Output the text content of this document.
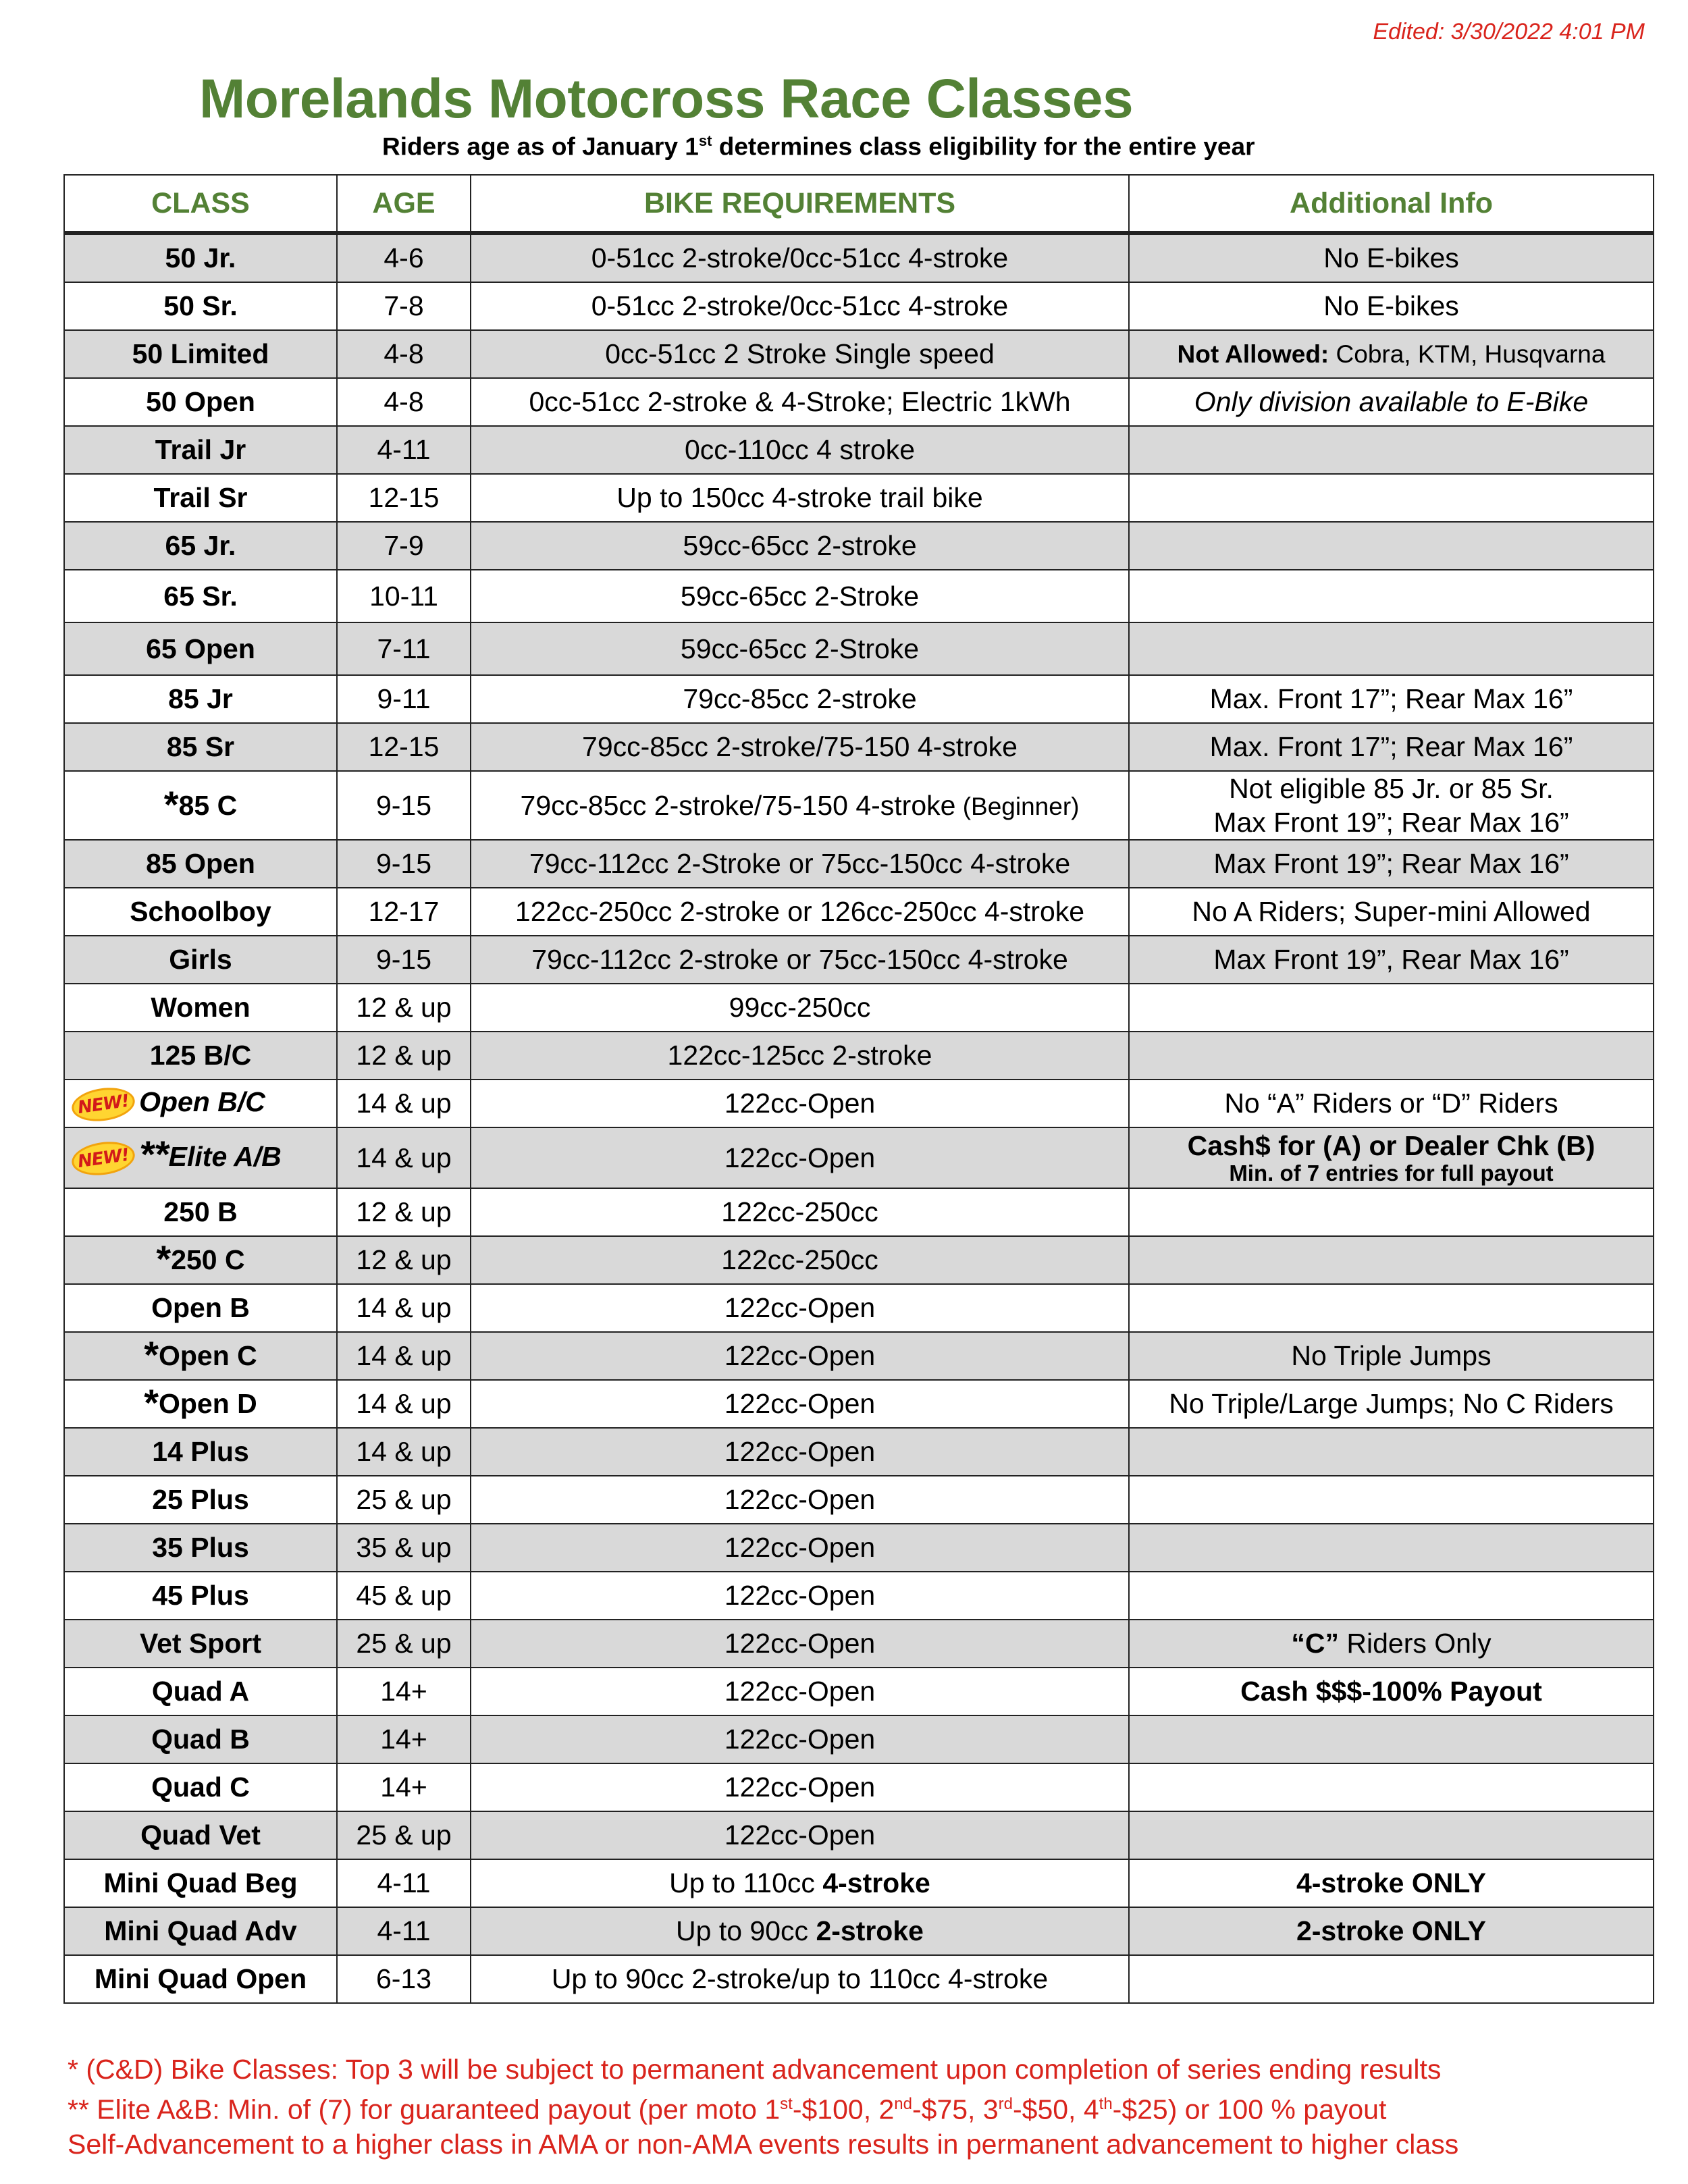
Edited: 3/30/2022 4:01 PM
Morelands Motocross Race Classes

Riders age as of January 1st determines class eligibility for the entire year

CLASS	AGE	BIKE REQUIREMENTS	Additional Info
50 Jr.	4-6	0-51cc 2-stroke/0cc-51cc 4-stroke	No E-bikes
50 Sr.	7-8	0-51cc 2-stroke/0cc-51cc 4-stroke	No E-bikes
50 Limited	4-8	0cc-51cc 2 Stroke Single speed	Not Allowed: Cobra, KTM, Husqvarna
50 Open	4-8	0cc-51cc 2-stroke & 4-Stroke; Electric 1kWh	Only division available to E-Bike
Trail Jr	4-11	0cc-110cc 4 stroke	
Trail Sr	12-15	Up to 150cc 4-stroke trail bike	
65 Jr.	7-9	59cc-65cc 2-stroke	
65 Sr.	10-11	59cc-65cc 2-Stroke	
65 Open	7-11	59cc-65cc 2-Stroke	
85 Jr	9-11	79cc-85cc 2-stroke	Max. Front 17”; Rear Max 16”
85 Sr	12-15	79cc-85cc 2-stroke/75-150 4-stroke	Max. Front 17”; Rear Max 16”
*85 C	9-15	79cc-85cc 2-stroke/75-150 4-stroke (Beginner)	Not eligible 85 Jr. or 85 Sr.
Max Front 19”; Rear Max 16”
85 Open	9-15	79cc-112cc 2-Stroke or 75cc-150cc 4-stroke	Max Front 19”; Rear Max 16”
Schoolboy	12-17	122cc-250cc 2-stroke or 126cc-250cc 4-stroke	No A Riders; Super-mini Allowed
Girls	9-15	79cc-112cc 2-stroke or 75cc-150cc 4-stroke	Max Front 19”, Rear Max 16”
Women	12 & up	99cc-250cc	
125 B/C	12 & up	122cc-125cc 2-stroke	
NEW! Open B/C	14 & up	122cc-Open	No “A” Riders or “D” Riders
NEW! **Elite A/B	14 & up	122cc-Open	Cash$ for (A) or Dealer Chk (B)
Min. of 7 entries for full payout

250 B	12 & up	122cc-250cc	
*250 C	12 & up	122cc-250cc	
Open B	14 & up	122cc-Open	
*Open C	14 & up	122cc-Open	No Triple Jumps
*Open D	14 & up	122cc-Open	No Triple/Large Jumps; No C Riders
14 Plus	14 & up	122cc-Open	
25 Plus	25 & up	122cc-Open	
35 Plus	35 & up	122cc-Open	
45 Plus	45 & up	122cc-Open	
Vet Sport	25 & up	122cc-Open	“C” Riders Only
Quad A	14+	122cc-Open	Cash $$$-100% Payout
Quad B	14+	122cc-Open	
Quad C	14+	122cc-Open	
Quad Vet	25 & up	122cc-Open	
Mini Quad Beg	4-11	Up to 110cc 4-stroke	4-stroke ONLY
Mini Quad Adv	4-11	Up to 90cc 2-stroke	2-stroke ONLY
Mini Quad Open	6-13	Up to 90cc 2-stroke/up to 110cc 4-stroke	

* (C&D) Bike Classes: Top 3 will be subject to permanent advancement upon completion of series ending results

** Elite A&B: Min. of (7) for guaranteed payout (per moto 1st-$100, 2nd-$75, 3rd-$50, 4th-$25) or 100 % payout

Self-Advancement to a higher class in AMA or non-AMA events results in permanent advancement to higher class
